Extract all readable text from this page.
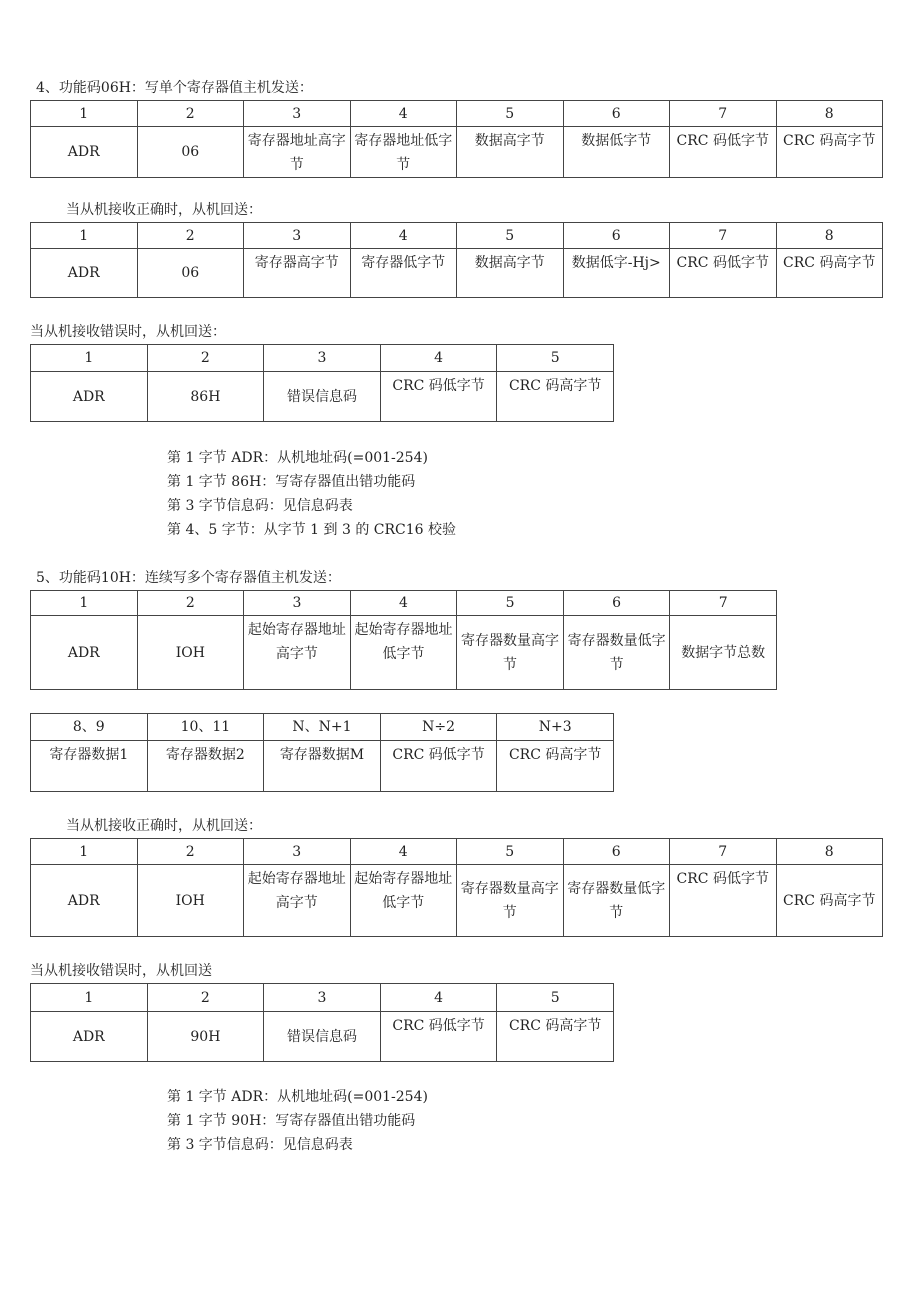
4、功能码06H：写单个寄存器值主机发送：
1	2	3	4	5	6	7	8
ADR	06	寄存器地址高字节	寄存器地址低字节	数据高字节	数据低字节	CRC 码低字节	CRC 码高字节
当从机接收正确时，从机回送：
1	2	3	4	5	6	7	8
ADR	06	寄存器高字节	寄存器低字节	数据高字节	数据低字-Hj>	CRC 码低字节	CRC 码高字节
当从机接收错误时，从机回送：
1	2	3	4	5
ADR	86H	错误信息码	CRC 码低字节	CRC 码高字节
第 1 字节 ADR：从机地址码(=001-254)
第 1 字节 86H：写寄存器值出错功能码
第 3 字节信息码：见信息码表
第 4、5 字节：从字节 1 到 3 的 CRC16 校验
5、功能码10H：连续写多个寄存器值主机发送：
1	2	3	4	5	6	7
ADR	IOH	起始寄存器地址高字节	起始寄存器地址低字节	寄存器数量高字节	寄存器数量低字节	数据字节总数
8、9	10、11	N、N+1	N÷2	N+3
寄存器数据1	寄存器数据2	寄存器数据M	CRC 码低字节	CRC 码高字节
当从机接收正确时，从机回送：
1	2	3	4	5	6	7	8
ADR	IOH	起始寄存器地址高字节	起始寄存器地址低字节	寄存器数量高字节	寄存器数量低字节	CRC 码低字节	CRC 码高字节
当从机接收错误时，从机回送
1	2	3	4	5
ADR	90H	错误信息码	CRC 码低字节	CRC 码高字节
第 1 字节 ADR：从机地址码(=001-254)
第 1 字节 90H：写寄存器值出错功能码
第 3 字节信息码：见信息码表
